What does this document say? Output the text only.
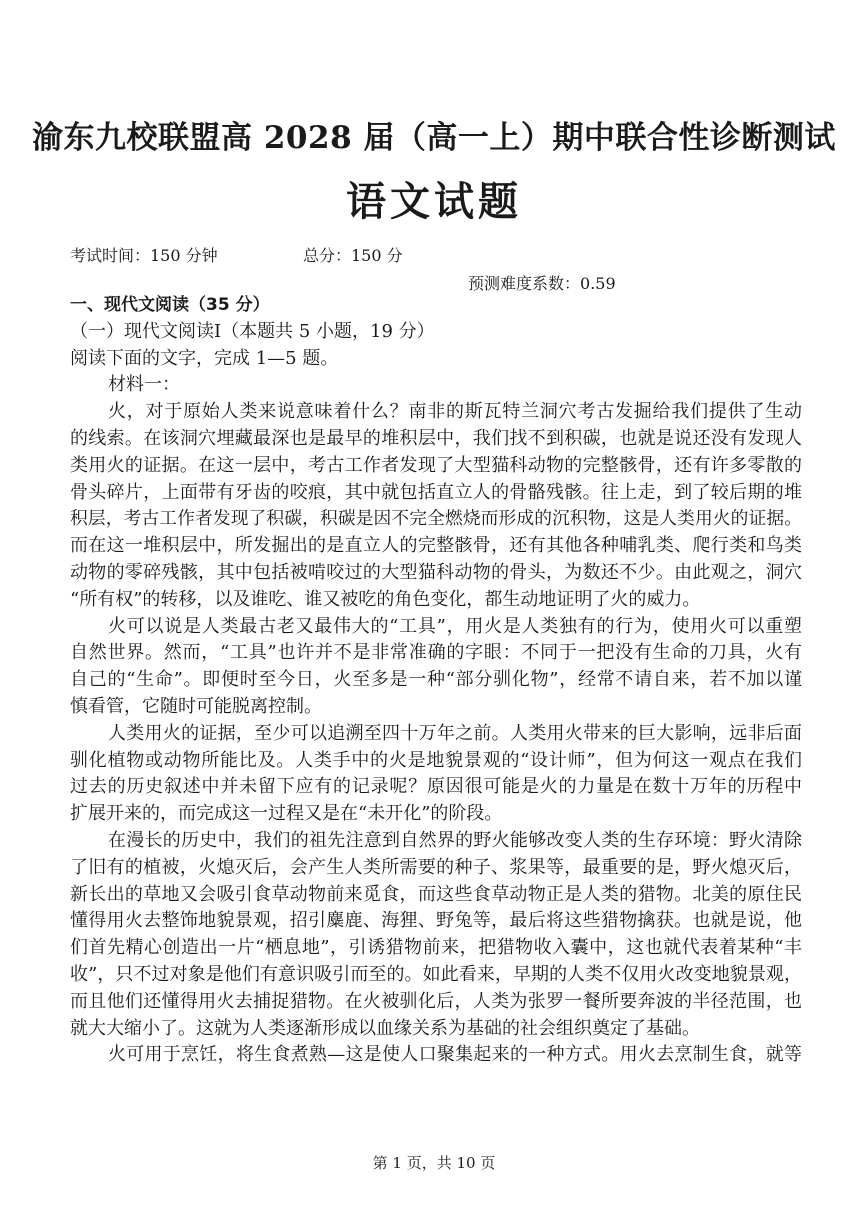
渝东九校联盟高 2028 届（高一上）期中联合性诊断测试
语文试题
考试时间：150 分钟	总分：150 分
预测难度系数：0.59
一、现代文阅读（35 分）
（一）现代文阅读Ⅰ（本题共 5 小题，19 分）
阅读下面的文字，完成 1—5 题。
材料一：
火，对于原始人类来说意味着什么？南非的斯瓦特兰洞穴考古发掘给我们提供了生动
的线索。在该洞穴埋藏最深也是最早的堆积层中，我们找不到积碳，也就是说还没有发现人
类用火的证据。在这一层中，考古工作者发现了大型猫科动物的完整骸骨，还有许多零散的
骨头碎片，上面带有牙齿的咬痕，其中就包括直立人的骨骼残骸。往上走，到了较后期的堆
积层，考古工作者发现了积碳，积碳是因不完全燃烧而形成的沉积物，这是人类用火的证据。
而在这一堆积层中，所发掘出的是直立人的完整骸骨，还有其他各种哺乳类、爬行类和鸟类
动物的零碎残骸，其中包括被啃咬过的大型猫科动物的骨头，为数还不少。由此观之，洞穴
“所有权”的转移，以及谁吃、谁又被吃的角色变化，都生动地证明了火的威力。
火可以说是人类最古老又最伟大的“工具”，用火是人类独有的行为，使用火可以重塑
自然世界。然而，“工具”也许并不是非常准确的字眼：不同于一把没有生命的刀具，火有
自己的“生命”。即便时至今日，火至多是一种“部分驯化物”，经常不请自来，若不加以谨
慎看管，它随时可能脱离控制。
人类用火的证据，至少可以追溯至四十万年之前。人类用火带来的巨大影响，远非后面
驯化植物或动物所能比及。人类手中的火是地貌景观的“设计师”，但为何这一观点在我们
过去的历史叙述中并未留下应有的记录呢？原因很可能是火的力量是在数十万年的历程中
扩展开来的，而完成这一过程又是在“未开化”的阶段。
在漫长的历史中，我们的祖先注意到自然界的野火能够改变人类的生存环境：野火清除
了旧有的植被，火熄灭后，会产生人类所需要的种子、浆果等，最重要的是，野火熄灭后，
新长出的草地又会吸引食草动物前来觅食，而这些食草动物正是人类的猎物。北美的原住民
懂得用火去整饰地貌景观，招引麋鹿、海狸、野兔等，最后将这些猎物擒获。也就是说，他
们首先精心创造出一片“栖息地”，引诱猎物前来，把猎物收入囊中，这也就代表着某种“丰
收”，只不过对象是他们有意识吸引而至的。如此看来，早期的人类不仅用火改变地貌景观，
而且他们还懂得用火去捕捉猎物。在火被驯化后，人类为张罗一餐所要奔波的半径范围，也
就大大缩小了。这就为人类逐渐形成以血缘关系为基础的社会组织奠定了基础。
火可用于烹饪，将生食煮熟—这是使人口聚集起来的一种方式。用火去烹制生食，就等
第 1 页，共 10 页
